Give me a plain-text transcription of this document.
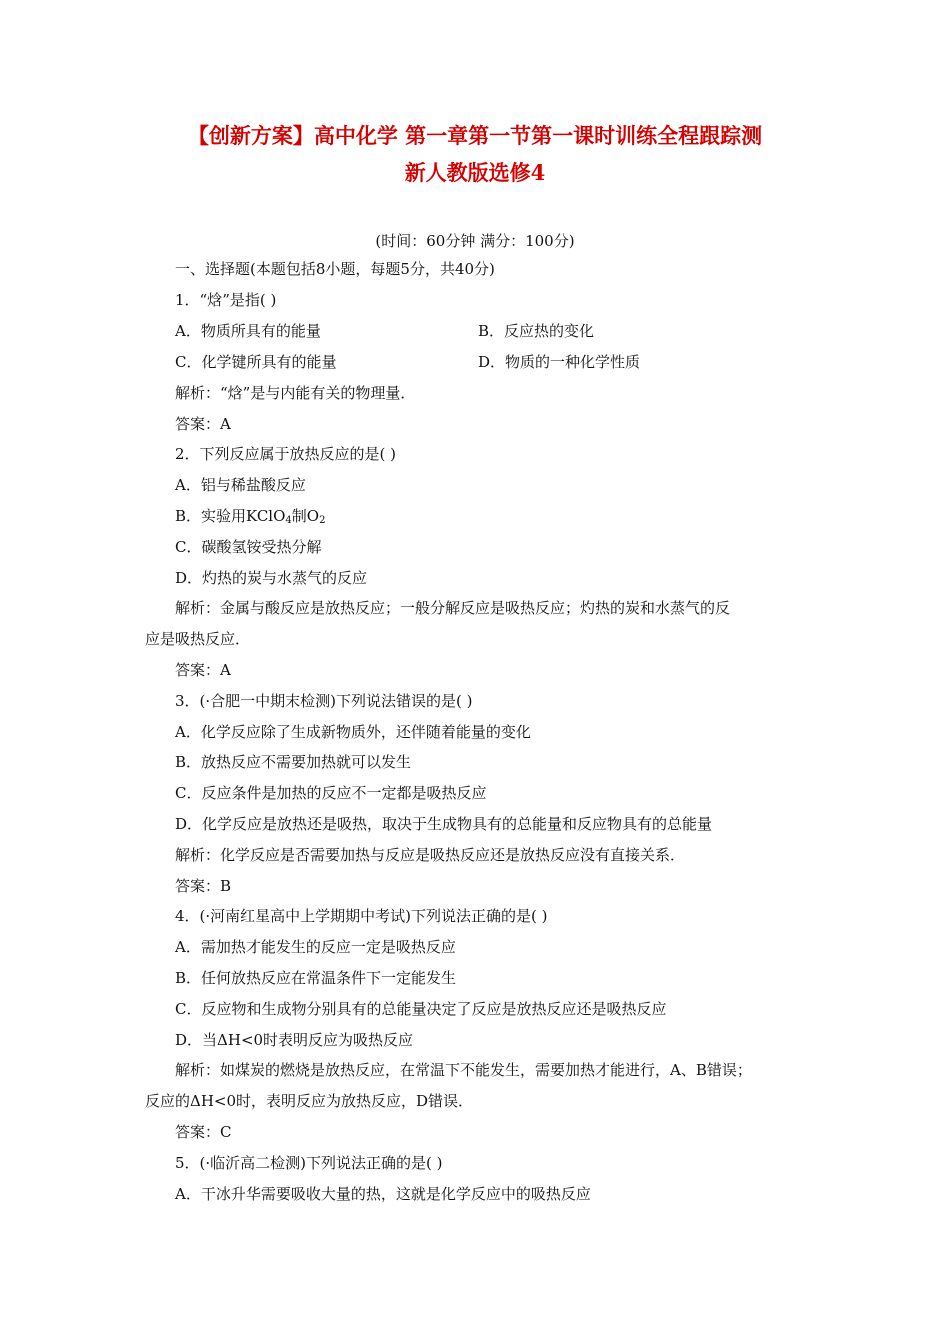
【创新方案】高中化学 第一章第一节第一课时训练全程跟踪测
新人教版选修4
(时间：60分钟 满分：100分)
一、选择题(本题包括8小题，每题5分，共40分)
1．“焓”是指( )
A．物质所具有的能量	B．反应热的变化
C．化学键所具有的能量	D．物质的一种化学性质
解析：“焓”是与内能有关的物理量．
答案：A
2．下列反应属于放热反应的是( )
A．铝与稀盐酸反应
B．实验用KClO$_4$制$O_2$
C．碳酸氢铵受热分解
D．灼热的炭与水蒸气的反应
解析：金属与酸反应是放热反应；一般分解反应是吸热反应；灼热的炭和水蒸气的反
应是吸热反应．
答案：A
3．(·合肥一中期末检测)下列说法错误的是( )
A．化学反应除了生成新物质外，还伴随着能量的变化
B．放热反应不需要加热就可以发生
C．反应条件是加热的反应不一定都是吸热反应
D．化学反应是放热还是吸热，取决于生成物具有的总能量和反应物具有的总能量
解析：化学反应是否需要加热与反应是吸热反应还是放热反应没有直接关系．
答案：B
4．(·河南红星高中上学期期中考试)下列说法正确的是( )
A．需加热才能发生的反应一定是吸热反应
B．任何放热反应在常温条件下一定能发生
C．反应物和生成物分别具有的总能量决定了反应是放热反应还是吸热反应
D．当ΔH<0时表明反应为吸热反应
解析：如煤炭的燃烧是放热反应，在常温下不能发生，需要加热才能进行，A、B错误；
反应的ΔH<0时，表明反应为放热反应，D错误．
答案：C
5．(·临沂高二检测)下列说法正确的是( )
A．干冰升华需要吸收大量的热，这就是化学反应中的吸热反应
